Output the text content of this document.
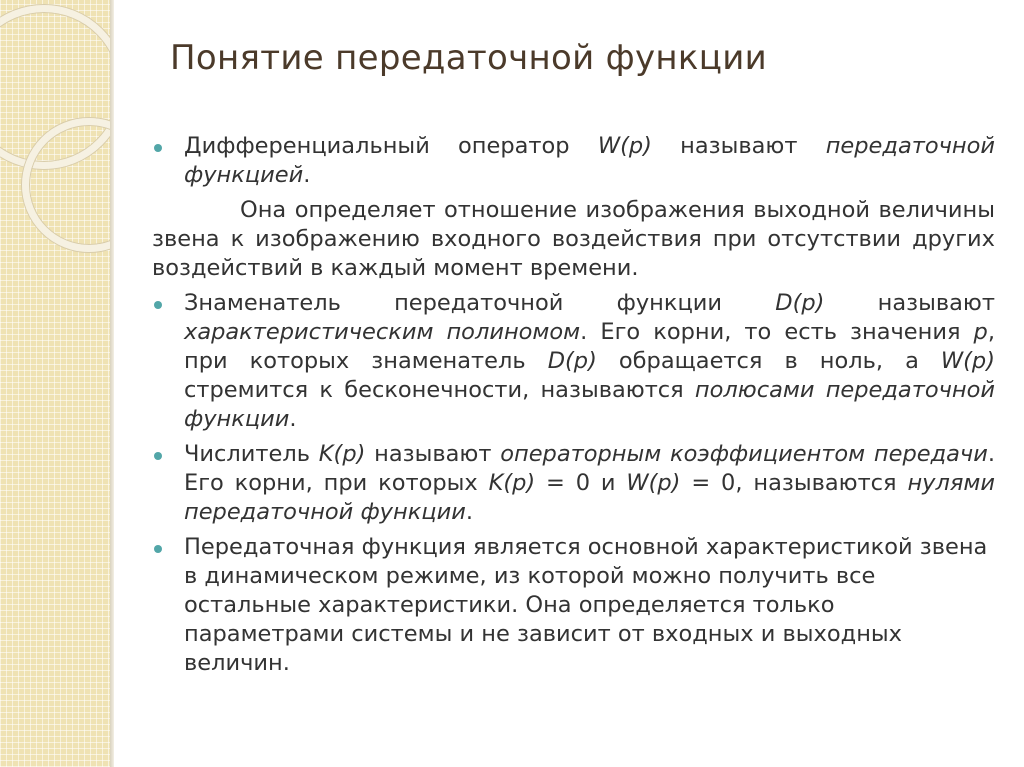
Понятие передаточной функции
Дифференциальный оператор W(p) называют передаточной функцией.
Она определяет отношение изображения выходной величины звена к изображению входного воздействия при отсутствии других воздействий в каждый момент времени.
Знаменатель передаточной функции D(p) называют характеристическим полиномом. Его корни, то есть значения p, при которых знаменатель D(p) обращается в ноль, а W(p) стремится к бесконечности, называются полюсами передаточной функции.
Числитель K(p) называют операторным коэффициентом передачи. Его корни, при которых K(p) = 0 и W(p) = 0, называются нулями передаточной функции.
Передаточная функция является основной характеристикой звена в динамическом режиме, из которой можно получить все остальные характеристики. Она определяется только параметрами системы и не зависит от входных и выходных величин.
